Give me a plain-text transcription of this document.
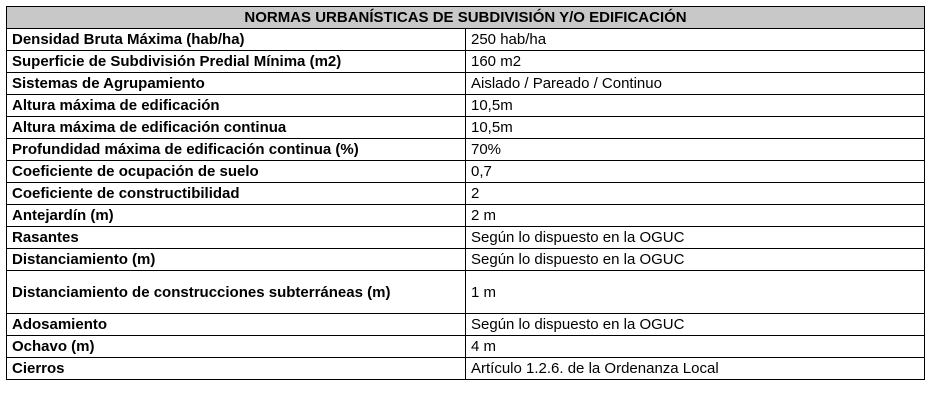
NORMAS URBANÍSTICAS DE SUBDIVISIÓN Y/O EDIFICACIÓN	
Densidad Bruta Máxima (hab/ha)	250 hab/ha
Superficie de Subdivisión Predial Mínima (m2)	160 m2
Sistemas de Agrupamiento	Aislado / Pareado / Continuo
Altura máxima de edificación	10,5m
Altura máxima de edificación continua	10,5m
Profundidad máxima de edificación continua (%)	70%
Coeficiente de ocupación de suelo	0,7
Coeficiente de constructibilidad	2
Antejardín (m)	2 m
Rasantes	Según lo dispuesto en la OGUC
Distanciamiento (m)	Según lo dispuesto en la OGUC
Distanciamiento de construcciones subterráneas (m)	1 m
Adosamiento	Según lo dispuesto en la OGUC
Ochavo (m)	4 m
Cierros	Artículo 1.2.6. de la Ordenanza Local
